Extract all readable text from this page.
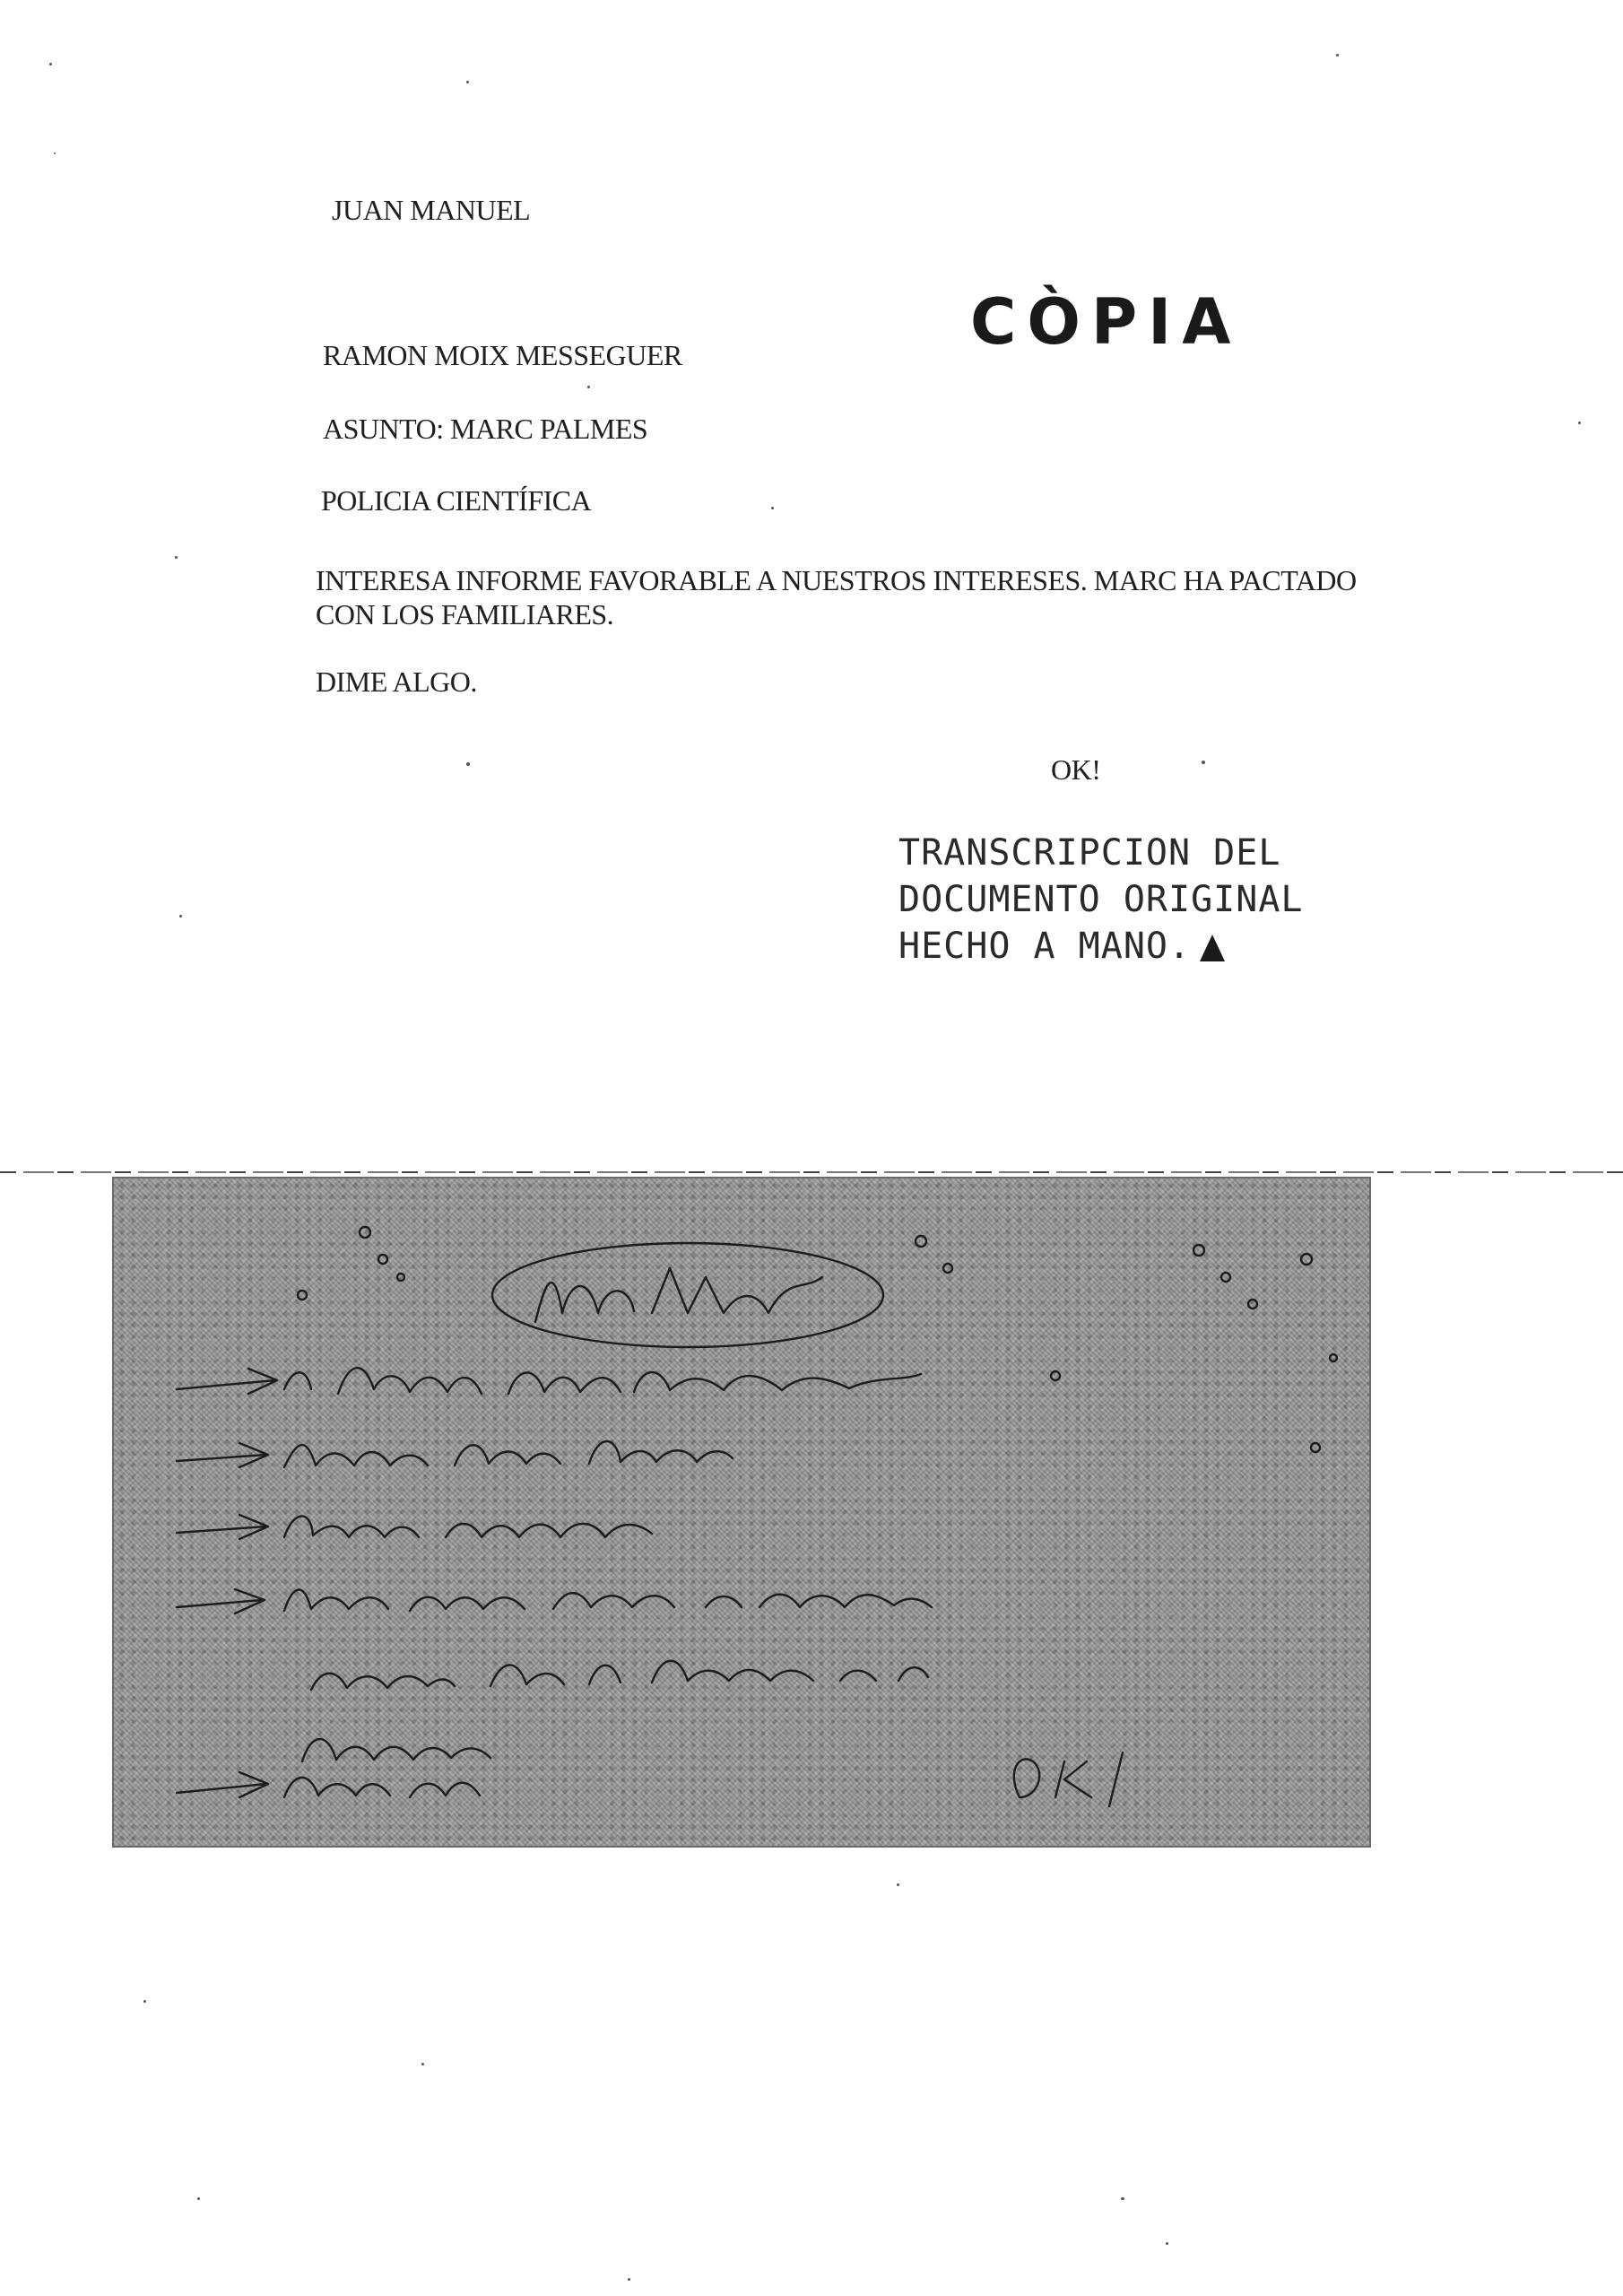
JUAN MANUEL

RAMON MOIX MESSEGUER

ASUNTO: MARC PALMES

POLICIA CIENTÍFICA

INTERESA INFORME FAVORABLE A NUESTROS INTERESES. MARC HA PACTADO CON LOS FAMILIARES.

DIME ALGO.

OK!

CÒPIA
TRANSCRIPCION DEL
DOCUMENTO ORIGINAL
HECHO A MANO.
